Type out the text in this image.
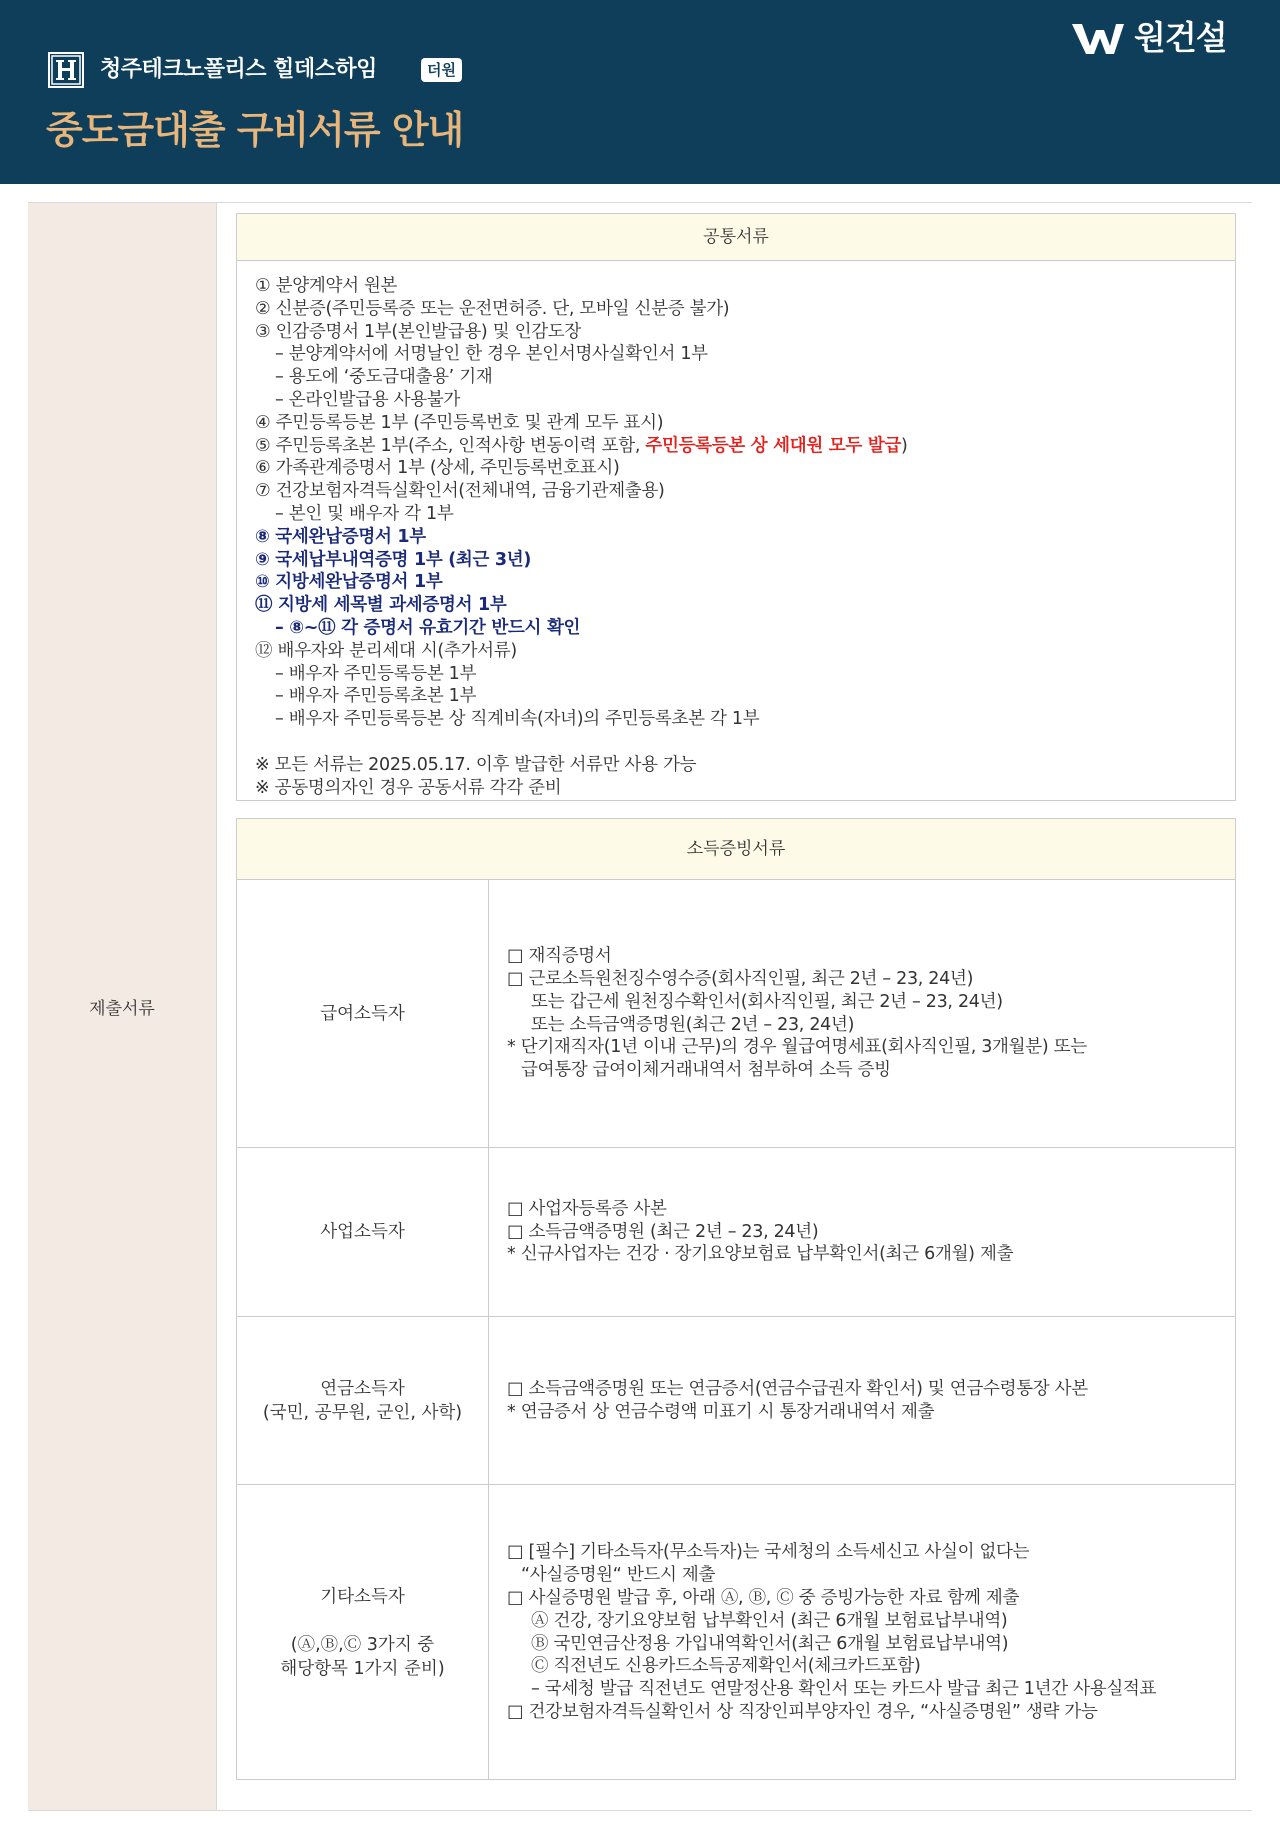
청주테크노폴리스 힐데스하임	더원
중도금대출 구비서류 안내
원건설
제출서류
공통서류
① 분양계약서 원본
② 신분증(주민등록증 또는 운전면허증. 단, 모바일 신분증 불가)
③ 인감증명서 1부(본인발급용) 및 인감도장
– 분양계약서에 서명날인 한 경우 본인서명사실확인서 1부
– 용도에 ‘중도금대출용’ 기재
– 온라인발급용 사용불가
④ 주민등록등본 1부 (주민등록번호 및 관계 모두 표시)
⑤ 주민등록초본 1부(주소, 인적사항 변동이력 포함, 주민등록등본 상 세대원 모두 발급)
⑥ 가족관계증명서 1부 (상세, 주민등록번호표시)
⑦ 건강보험자격득실확인서(전체내역, 금융기관제출용)
– 본인 및 배우자 각 1부
⑧ 국세완납증명서 1부
⑨ 국세납부내역증명 1부 (최근 3년)
⑩ 지방세완납증명서 1부
⑪ 지방세 세목별 과세증명서 1부
– ⑧~⑪ 각 증명서 유효기간 반드시 확인
⑫ 배우자와 분리세대 시(추가서류)
– 배우자 주민등록등본 1부
– 배우자 주민등록초본 1부
– 배우자 주민등록등본 상 직계비속(자녀)의 주민등록초본 각 1부
※ 모든 서류는 2025.05.17. 이후 발급한 서류만 사용 가능
※ 공동명의자인 경우 공동서류 각각 준비
소득증빙서류
급여소득자
□ 재직증명서
□ 근로소득원천징수영수증(회사직인필, 최근 2년 – 23, 24년)
또는 갑근세 원천징수확인서(회사직인필, 최근 2년 – 23, 24년)
또는 소득금액증명원(최근 2년 – 23, 24년)
* 단기재직자(1년 이내 근무)의 경우 월급여명세표(회사직인필, 3개월분) 또는
급여통장 급여이체거래내역서 첨부하여 소득 증빙
사업소득자
□ 사업자등록증 사본
□ 소득금액증명원 (최근 2년 – 23, 24년)
* 신규사업자는 건강 · 장기요양보험료 납부확인서(최근 6개월) 제출
연금소득자
(국민, 공무원, 군인, 사학)
□ 소득금액증명원 또는 연금증서(연금수급권자 확인서) 및 연금수령통장 사본
* 연금증서 상 연금수령액 미표기 시 통장거래내역서 제출
기타소득자
(Ⓐ,Ⓑ,Ⓒ 3가지 중
해당항목 1가지 준비)
□ [필수] 기타소득자(무소득자)는 국세청의 소득세신고 사실이 없다는
“사실증명원“ 반드시 제출
□ 사실증명원 발급 후, 아래 Ⓐ, Ⓑ, Ⓒ 중 증빙가능한 자료 함께 제출
Ⓐ 건강, 장기요양보험 납부확인서 (최근 6개월 보험료납부내역)
Ⓑ 국민연금산정용 가입내역확인서(최근 6개월 보험료납부내역)
Ⓒ 직전년도 신용카드소득공제확인서(체크카드포함)
– 국세청 발급 직전년도 연말정산용 확인서 또는 카드사 발급 최근 1년간 사용실적표
□ 건강보험자격득실확인서 상 직장인피부양자인 경우, “사실증명원” 생략 가능
